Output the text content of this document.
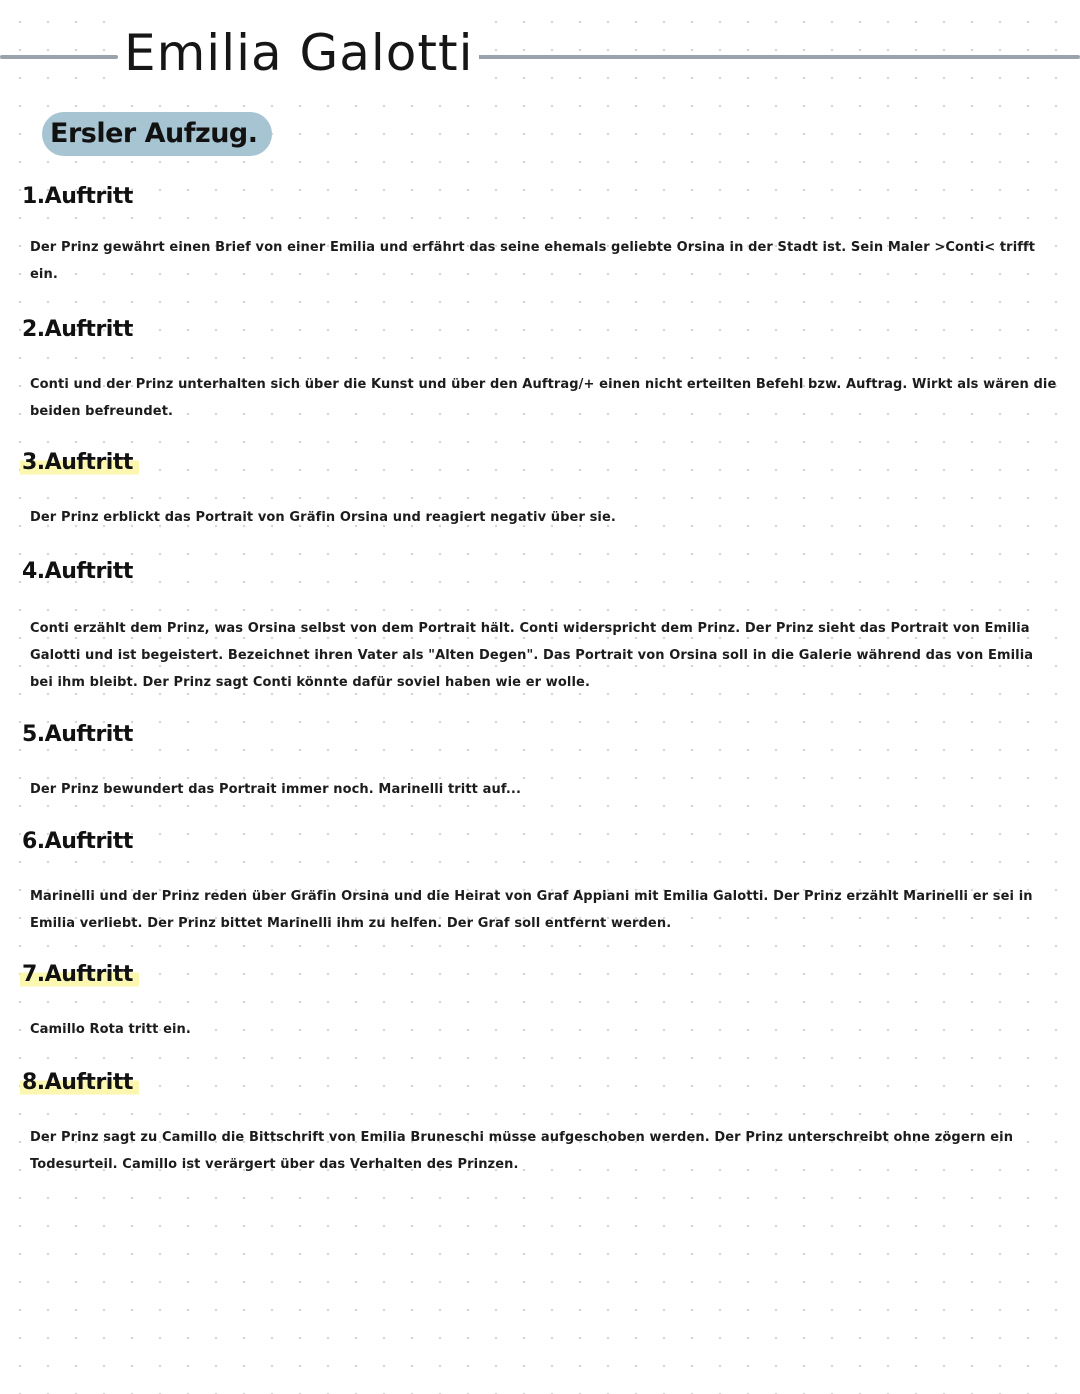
Emilia Galotti
Ersler Aufzug.
1.Auftritt

Der Prinz gewährt einen Brief von einer Emilia und erfährt das seine ehemals geliebte Orsina in der Stadt ist. Sein Maler >Conti< trifft ein.

2.Auftritt

Conti und der Prinz unterhalten sich über die Kunst und über den Auftrag/+ einen nicht erteilten Befehl bzw. Auftrag. Wirkt als wären die beiden befreundet.

3.Auftritt

Der Prinz erblickt das Portrait von Gräfin Orsina und reagiert negativ über sie.

4.Auftritt

Conti erzählt dem Prinz, was Orsina selbst von dem Portrait hält. Conti widerspricht dem Prinz. Der Prinz sieht das Portrait von Emilia Galotti und ist begeistert. Bezeichnet ihren Vater als "Alten Degen". Das Portrait von Orsina soll in die Galerie während das von Emilia bei ihm bleibt. Der Prinz sagt Conti könnte dafür soviel haben wie er wolle.

5.Auftritt

Der Prinz bewundert das Portrait immer noch. Marinelli tritt auf...

6.Auftritt

Marinelli und der Prinz reden über Gräfin Orsina und die Heirat von Graf Appiani mit Emilia Galotti. Der Prinz erzählt Marinelli er sei in Emilia verliebt. Der Prinz bittet Marinelli ihm zu helfen. Der Graf soll entfernt werden.

7.Auftritt

Camillo Rota tritt ein.

8.Auftritt

Der Prinz sagt zu Camillo die Bittschrift von Emilia Bruneschi müsse aufgeschoben werden. Der Prinz unterschreibt ohne zögern ein Todesurteil. Camillo ist verärgert über das Verhalten des Prinzen.
